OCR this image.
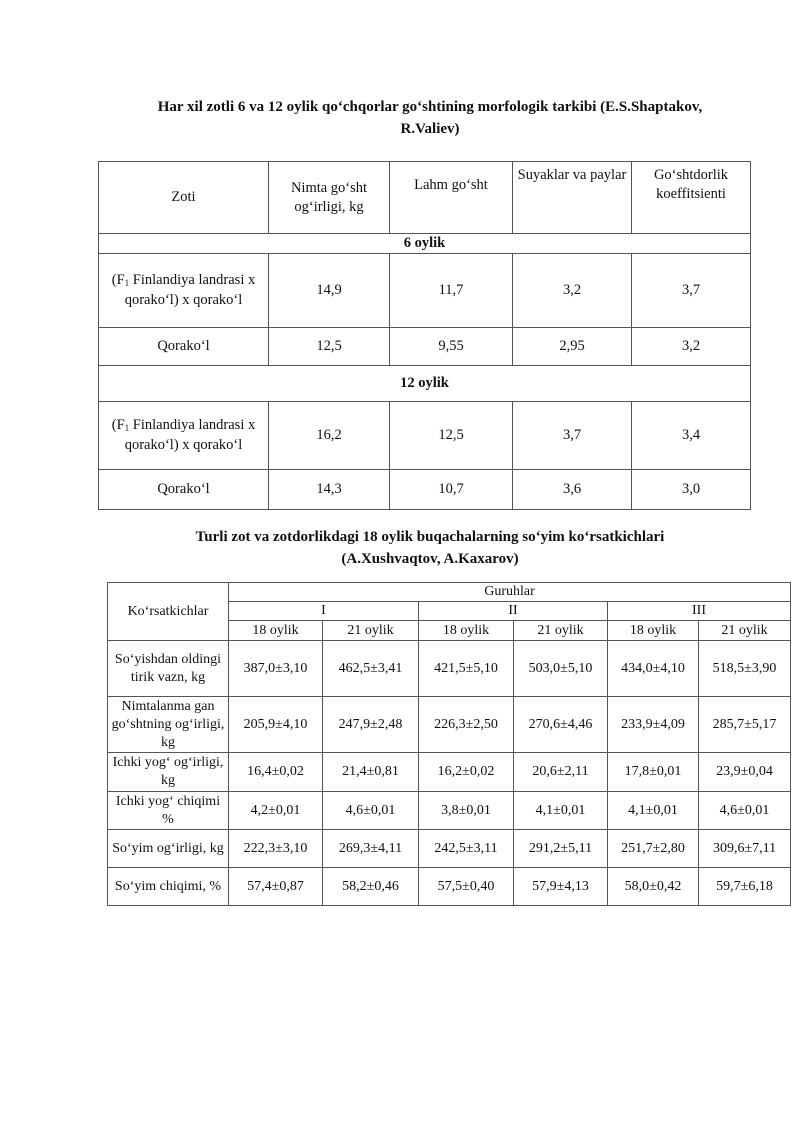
Har xil zotli 6 va 12 oylik qo‘chqorlar go‘shtining morfologik tarkibi (E.S.Shaptakov,
R.Valiev)
Zoti	Nimta go‘sht og‘irligi, kg	Lahm go‘sht	Suyaklar va paylar	Go‘shtdorlik koeffitsienti
6 oylik				
(F1 Finlandiya landrasi x qorako‘l) x qorako‘l	14,9	11,7	3,2	3,7
Qorako‘l	12,5	9,55	2,95	3,2
12 oylik				
(F1 Finlandiya landrasi x qorako‘l) x qorako‘l	16,2	12,5	3,7	3,4
Qorako‘l	14,3	10,7	3,6	3,0
Turli zot va zotdorlikdagi 18 oylik buqachalarning so‘yim ko‘rsatkichlari
(A.Xushvaqtov, A.Kaxarov)
Ko‘rsatkichlar	Guruhlar					
	I		II		III	
	18 oylik	21 oylik	18 oylik	21 oylik	18 oylik	21 oylik
So‘yishdan oldingi tirik vazn, kg	387,0±3,10	462,5±3,41	421,5±5,10	503,0±5,10	434,0±4,10	518,5±3,90
Nimtalanma gan go‘shtning og‘irligi, kg	205,9±4,10	247,9±2,48	226,3±2,50	270,6±4,46	233,9±4,09	285,7±5,17
Ichki yog‘ og‘irligi, kg	16,4±0,02	21,4±0,81	16,2±0,02	20,6±2,11	17,8±0,01	23,9±0,04
Ichki yog‘ chiqimi %	4,2±0,01	4,6±0,01	3,8±0,01	4,1±0,01	4,1±0,01	4,6±0,01
So‘yim og‘irligi, kg	222,3±3,10	269,3±4,11	242,5±3,11	291,2±5,11	251,7±2,80	309,6±7,11
So‘yim chiqimi, %	57,4±0,87	58,2±0,46	57,5±0,40	57,9±4,13	58,0±0,42	59,7±6,18
